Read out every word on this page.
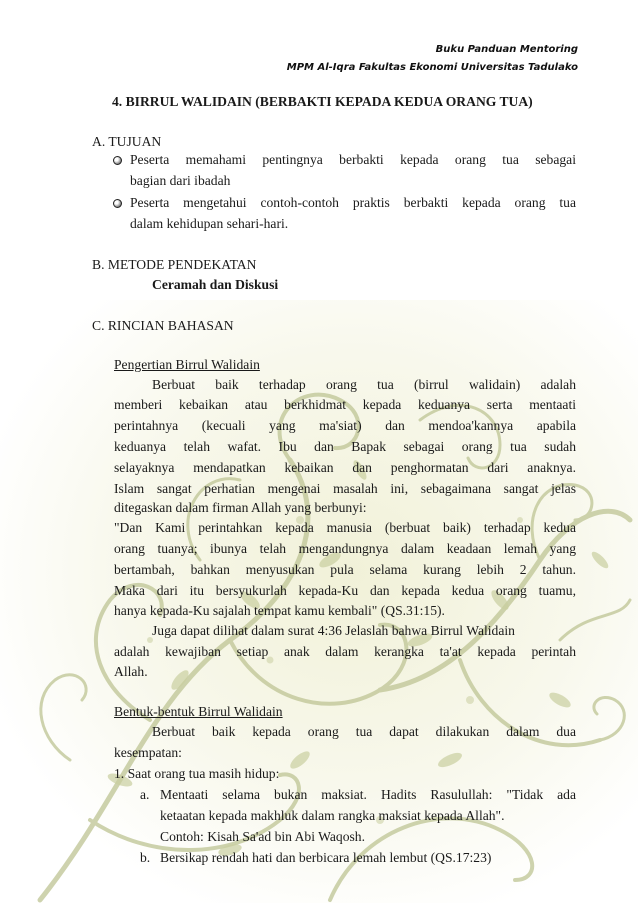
Buku Panduan Mentoring
MPM Al-Iqra Fakultas Ekonomi Universitas Tadulako
4. BIRRUL WALIDAIN (BERBAKTI KEPADA KEDUA ORANG TUA)
A. TUJUAN
Peserta memahami pentingnya berbakti kepada orang tua sebagai
bagian dari ibadah
Peserta mengetahui contoh-contoh praktis berbakti kepada orang tua
dalam kehidupan sehari-hari.
B. METODE PENDEKATAN
Ceramah dan Diskusi
C. RINCIAN BAHASAN
Pengertian Birrul Walidain
Berbuat baik terhadap orang tua (birrul walidain) adalah
memberi kebaikan atau berkhidmat kepada keduanya serta mentaati
perintahnya (kecuali yang ma'siat) dan mendoa'kannya apabila
keduanya telah wafat. Ibu dan Bapak sebagai orang tua sudah
selayaknya mendapatkan kebaikan dan penghormatan dari anaknya.
Islam sangat perhatian mengenai masalah ini, sebagaimana sangat jelas
ditegaskan dalam firman Allah yang berbunyi:
"Dan Kami perintahkan kepada manusia (berbuat baik) terhadap kedua
orang tuanya; ibunya telah mengandungnya dalam keadaan lemah yang
bertambah, bahkan menyusukan pula selama kurang lebih 2 tahun.
Maka dari itu bersyukurlah kepada-Ku dan kepada kedua orang tuamu,
hanya kepada-Ku sajalah tempat kamu kembali" (QS.31:15).
Juga dapat dilihat dalam surat 4:36 Jelaslah bahwa Birrul Walidain
adalah kewajiban setiap anak dalam kerangka ta'at kepada perintah
Allah.
Bentuk-bentuk Birrul Walidain
Berbuat baik kepada orang tua dapat dilakukan dalam dua
kesempatan:
1. Saat orang tua masih hidup:
a. Mentaati selama bukan maksiat. Hadits Rasulullah: "Tidak ada
ketaatan kepada makhluk dalam rangka maksiat kepada Allah".
Contoh: Kisah Sa'ad bin Abi Waqosh.
b. Bersikap rendah hati dan berbicara lemah lembut (QS.17:23)
